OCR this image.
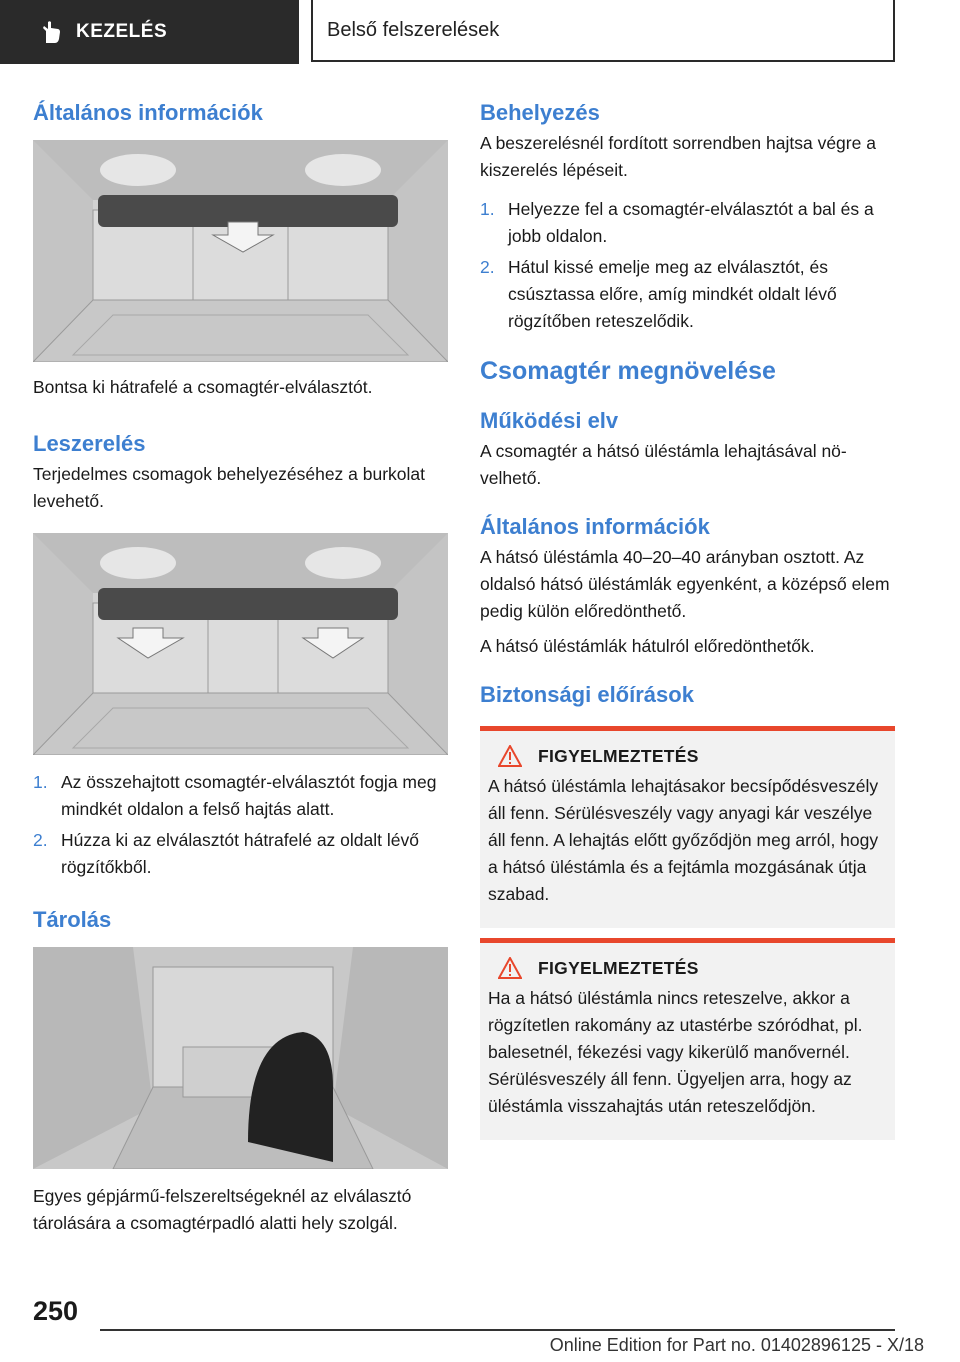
KEZELÉS	Belső felszerelések
Általános információk

Bontsa ki hátrafelé a csomagtér-elválasztót.

Leszerelés

Terjedelmes csomagok behelyezéséhez a burkolat levehető.

1. Az összehajtott csomagtér-elválasztót fogja meg mindkét oldalon a felső hajtás alatt.
2. Húzza ki az elválasztót hátrafelé az oldalt lévő rögzítőkből.
Tárolás

Egyes gépjármű-felszereltségeknél az elválasztó tárolására a csomagtérpadló alatti hely szolgál.

Behelyezés

A beszerelésnél fordított sorrendben hajtsa végre a kiszerelés lépéseit.

1. Helyezze fel a csomagtér-elválasztót a bal és a jobb oldalon.
2. Hátul kissé emelje meg az elválasztót, és csúsztassa előre, amíg mindkét oldalt lévő rögzítőben reteszelődik.
Csomagtér megnövelése
Működési elv

A csomagtér a hátsó üléstámla lehajtásával növelhető.

Általános információk

A hátsó üléstámla 40–20–40 arányban osztott. Az oldalsó hátsó üléstámlák egyenként, a középső elem pedig külön előredönthető.

A hátsó üléstámlák hátulról előredönthetők.

Biztonsági előírások
FIGYELMEZTETÉS

A hátsó üléstámla lehajtásakor becsípődésveszély áll fenn. Sérülésveszély vagy anyagi kár veszélye áll fenn. A lehajtás előtt győződjön meg arról, hogy a hátsó üléstámla és a fejtámla mozgásának útja szabad.

FIGYELMEZTETÉS

Ha a hátsó üléstámla nincs reteszelve, akkor a rögzítetlen rakomány az utastérbe szóródhat, pl. balesetnél, fékezési vagy kikerülő manővernél. Sérülésveszély áll fenn. Ügyeljen arra, hogy az üléstámla visszahajtás után reteszelődjön.

250
Online Edition for Part no. 01402896125 - X/18
